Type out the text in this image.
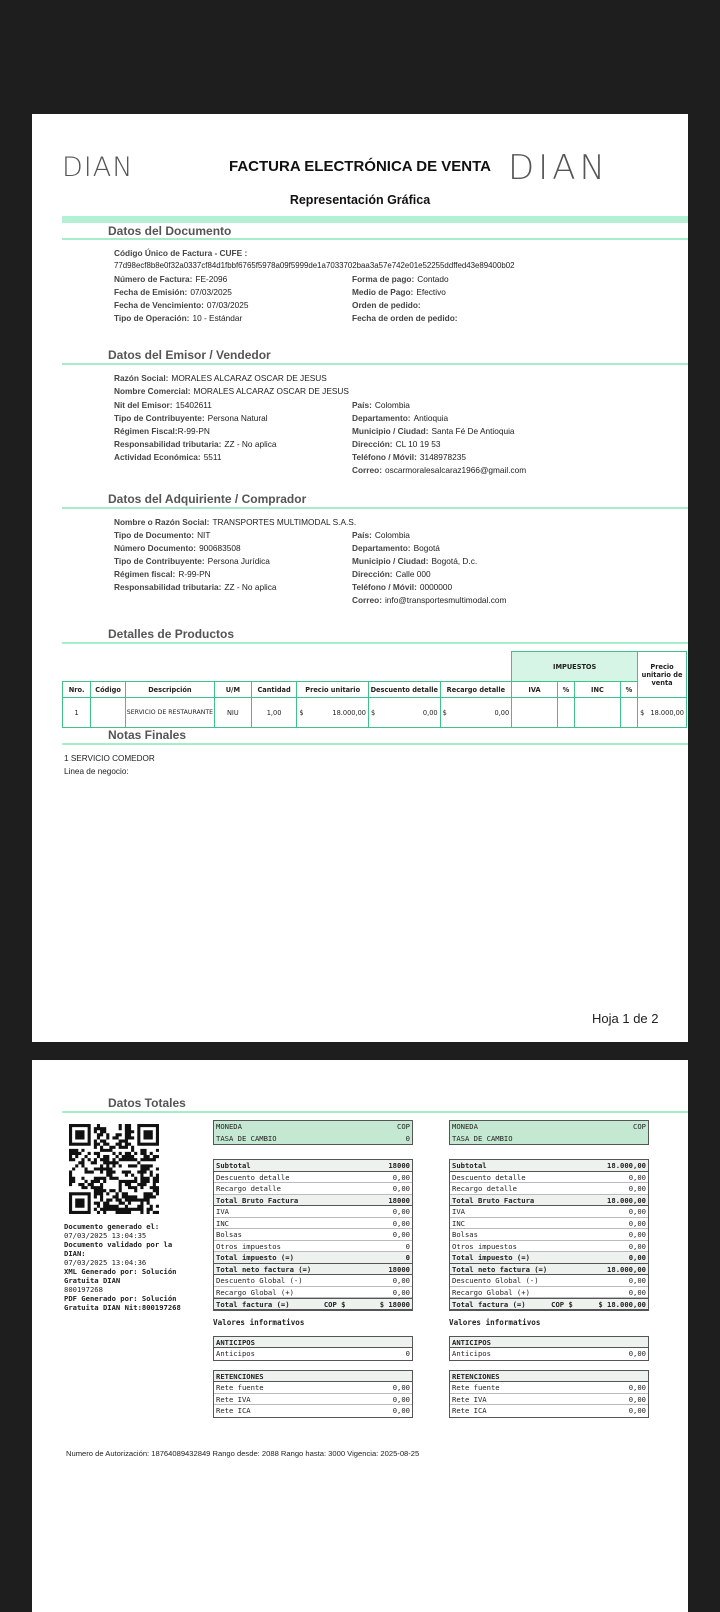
DIAN	FACTURA ELECTRÓNICA DE VENTA DIAN
Representación Gráfica
Datos del Documento
Código Único de Factura - CUFE :
77d98ecf8b8e0f32a0337cf84d1fbbf6765f5978a09f5999de1a7033702baa3a57e742e01e52255ddffed43e89400b02
Número de Factura: FE-2096
Fecha de Emisión: 07/03/2025
Fecha de Vencimiento: 07/03/2025
Tipo de Operación: 10 - Estándar
Forma de pago: Contado
Medio de Pago: Efectivo
Orden de pedido:
Fecha de orden de pedido:
Datos del Emisor / Vendedor
Razón Social: MORALES ALCARAZ OSCAR DE JESUS
Nombre Comercial: MORALES ALCARAZ OSCAR DE JESUS
Nit del Emisor: 15402611
Tipo de Contribuyente: Persona Natural
Régimen Fiscal:R-99-PN
Responsabilidad tributaria: ZZ - No aplica
Actividad Económica: 5511
País: Colombia
Departamento: Antioquia
Municipio / Ciudad: Santa Fé De Antioquia
Dirección: CL 10 19 53
Teléfono / Móvil: 3148978235
Correo: oscarmoralesalcaraz1966@gmail.com
Datos del Adquiriente / Comprador
Nombre o Razón Social: TRANSPORTES MULTIMODAL S.A.S.
Tipo de Documento: NIT
Número Documento: 900683508
Tipo de Contribuyente: Persona Jurídica
Régimen fiscal: R-99-PN
Responsabilidad tributaria: ZZ - No aplica
País: Colombia
Departamento: Bogotá
Municipio / Ciudad: Bogotá, D.c.
Dirección: Calle 000
Teléfono / Móvil: 0000000
Correo: info@transportesmultimodal.com
Detalles de Productos
								IMPUESTOS				Precio unitario de venta
Nro.	Código	Descripción	U/M	Cantidad	Precio unitario	Descuento detalle	Recargo detalle	IVA	%	INC	%	
1		SERVICIO DE RESTAURANTE	NIU	1,00	$ 18.000,00	$ 0,00	$ 0,00					$ 18.000,00
Notas Finales
1 SERVICIO COMEDOR
Linea de negocio:
Hoja 1 de 2
Datos Totales
Documento generado el:
07/03/2025 13:04:35
Documento validado por la DIAN:
07/03/2025 13:04:36
XML Generado por: Solución Gratuita DIAN
800197268
PDF Generado por: Solución Gratuita DIAN Nit:800197268
MONEDA	COP
TASA DE CAMBIO	0
Subtotal	18000
Descuento detalle	0,00
Recargo detalle	0,00
Total Bruto Factura	18000
IVA	0,00
INC	0,00
Bolsas	0,00
Otros impuestos	0
Total impuesto (=)	0
Total neto factura (=)	18000
Descuento Global (-)	0,00
Recargo Global (+)	0,00
Total factura (=)	COP $	$ 18000
Valores informativos
ANTICIPOS
Anticipos	0
RETENCIONES
Rete fuente	0,00
Rete IVA	0,00
Rete ICA	0,00
MONEDA	COP
TASA DE CAMBIO
Subtotal	18.000,00
Descuento detalle	0,00
Recargo detalle	0,00
Total Bruto Factura	18.000,00
IVA	0,00
INC	0,00
Bolsas	0,00
Otros impuestos	0,00
Total impuesto (=)	0,00
Total neto factura (=)	18.000,00
Descuento Global (-)	0,00
Recargo Global (+)	0,00
Total factura (=)	COP $	$ 18.000,00
Valores informativos
ANTICIPOS
Anticipos	0,00
RETENCIONES
Rete fuente	0,00
Rete IVA	0,00
Rete ICA	0,00
Numero de Autorización: 18764089432849 Rango desde: 2088 Rango hasta: 3000 Vigencia: 2025-08-25
